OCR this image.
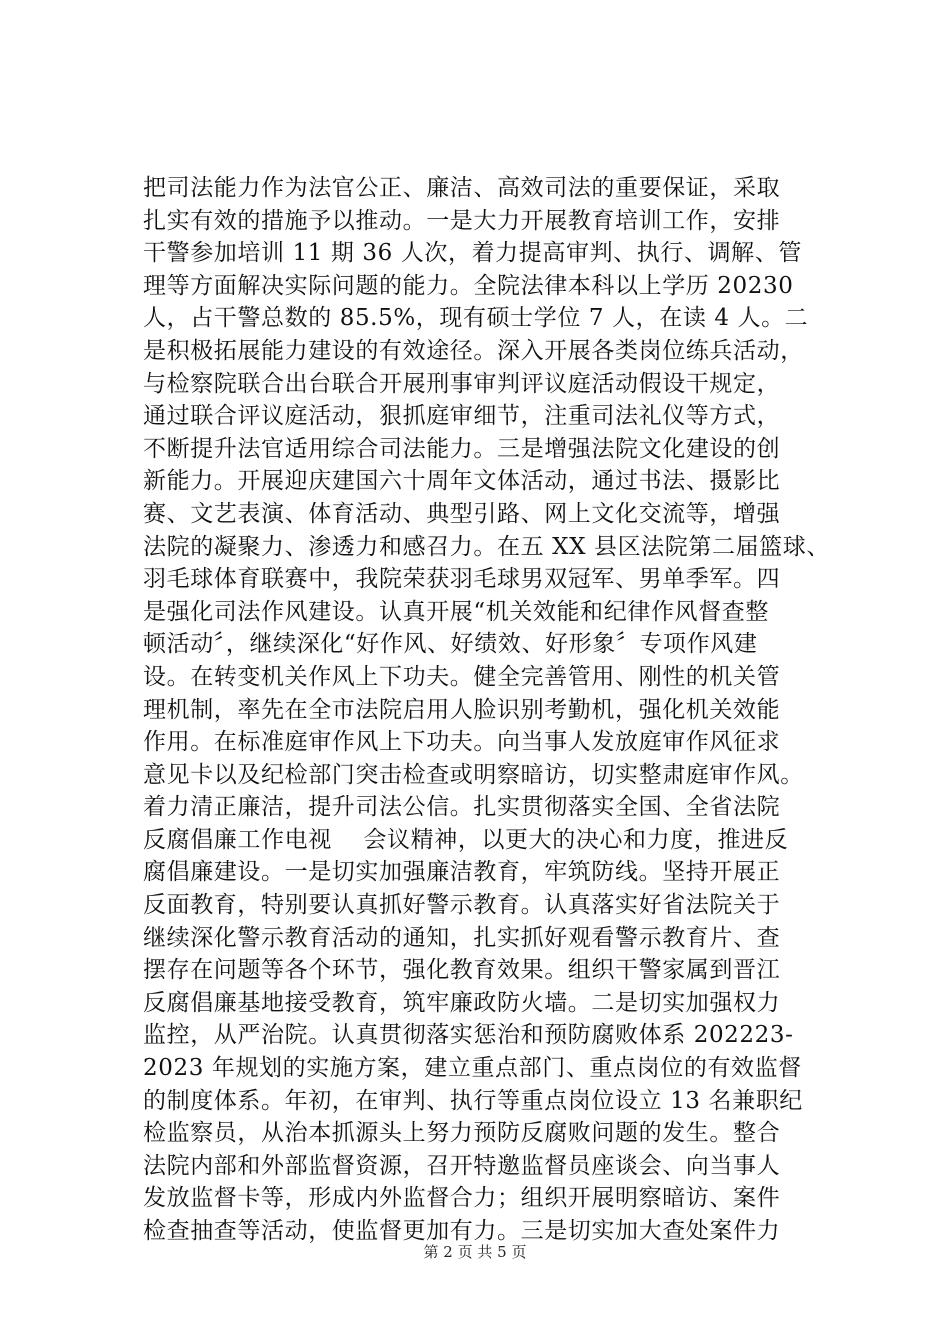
把司法能力作为法官公正、廉洁、高效司法的重要保证，采取
扎实有效的措施予以推动。一是大力开展教育培训工作，安排
干警参加培训 11 期 36 人次，着力提高审判、执行、调解、管
理等方面解决实际问题的能力。全院法律本科以上学历 20230
人，占干警总数的 85.5%，现有硕士学位 7 人，在读 4 人。二
是积极拓展能力建设的有效途径。深入开展各类岗位练兵活动，
与检察院联合出台联合开展刑事审判评议庭活动假设干规定，
通过联合评议庭活动，狠抓庭审细节，注重司法礼仪等方式，
不断提升法官适用综合司法能力。三是增强法院文化建设的创
新能力。开展迎庆建国六十周年文体活动，通过书法、摄影比
赛、文艺表演、体育活动、典型引路、网上文化交流等，增强
法院的凝聚力、渗透力和感召力。在五 XX 县区法院第二届篮球、
羽毛球体育联赛中，我院荣获羽毛球男双冠军、男单季军。四
是强化司法作风建设。认真开展“机关效能和纪律作风督查整
顿活动〞，继续深化“好作风、好绩效、好形象〞专项作风建
设。在转变机关作风上下功夫。健全完善管用、刚性的机关管
理机制，率先在全市法院启用人脸识别考勤机，强化机关效能
作用。在标准庭审作风上下功夫。向当事人发放庭审作风征求
意见卡以及纪检部门突击检查或明察暗访，切实整肃庭审作风。
着力清正廉洁，提升司法公信。扎实贯彻落实全国、全省法院
反腐倡廉工作电视    会议精神，以更大的决心和力度，推进反
腐倡廉建设。一是切实加强廉洁教育，牢筑防线。坚持开展正
反面教育，特别要认真抓好警示教育。认真落实好省法院关于
继续深化警示教育活动的通知，扎实抓好观看警示教育片、查
摆存在问题等各个环节，强化教育效果。组织干警家属到晋江
反腐倡廉基地接受教育，筑牢廉政防火墙。二是切实加强权力
监控，从严治院。认真贯彻落实惩治和预防腐败体系 202223-
2023 年规划的实施方案，建立重点部门、重点岗位的有效监督
的制度体系。年初，在审判、执行等重点岗位设立 13 名兼职纪
检监察员，从治本抓源头上努力预防反腐败问题的发生。整合
法院内部和外部监督资源，召开特邀监督员座谈会、向当事人
发放监督卡等，形成内外监督合力；组织开展明察暗访、案件
检查抽查等活动，使监督更加有力。三是切实加大查处案件力
第 2 页 共 5 页
